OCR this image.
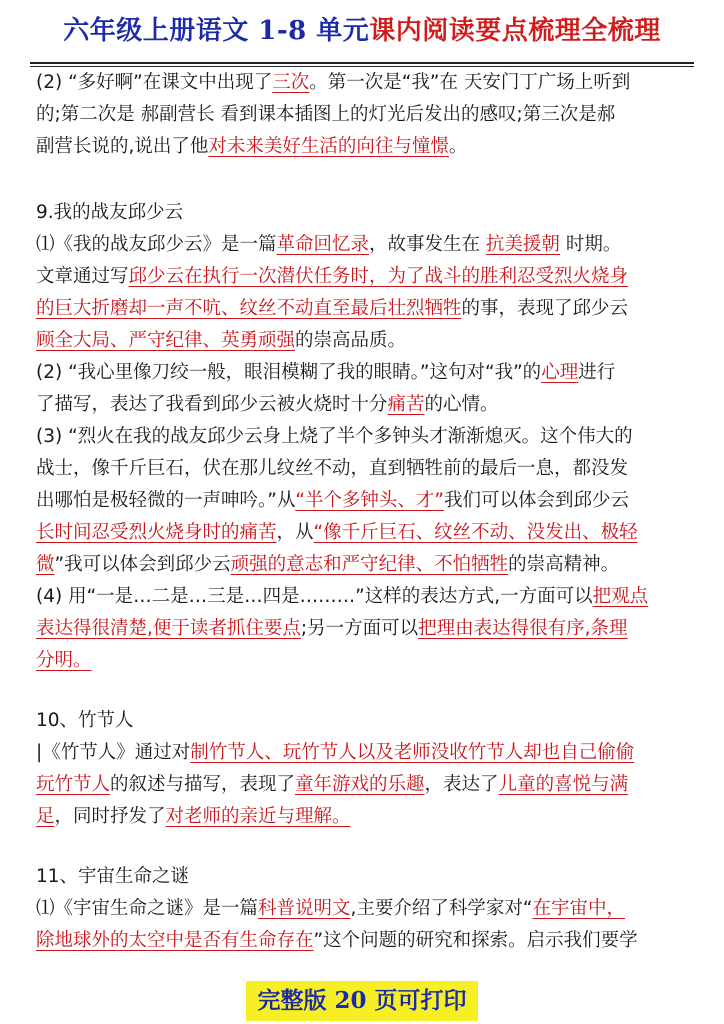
六年级上册语文 1-8 单元课内阅读要点梳理全梳理
(2) “多好啊”在课文中出现了三次。第一次是“我”在 天安门丁广场上听到
的;第二次是 郝副营长 看到课本插图上的灯光后发出的感叹;第三次是郝
副营长说的,说出了他对未来美好生活的向往与憧憬。
9.我的战友邱少云
⑴《我的战友邱少云》是一篇革命回忆录，故事发生在 抗美援朝 时期。
文章通过写邱少云在执行一次潜伏任务时，为了战斗的胜利忍受烈火烧身
的巨大折磨却一声不吭、纹丝不动直至最后壮烈牺牲的事，表现了邱少云
顾全大局、严守纪律、英勇顽强的崇高品质。
(2) “我心里像刀绞一般，眼泪模糊了我的眼睛。”这句对“我”的心理进行
了描写，表达了我看到邱少云被火烧时十分痛苦的心情。
(3) “烈火在我的战友邱少云身上烧了半个多钟头才渐渐熄灭。这个伟大的
战士，像千斤巨石，伏在那儿纹丝不动，直到牺牲前的最后一息，都没发
出哪怕是极轻微的一声呻吟。”从“半个多钟头、才”我们可以体会到邱少云
长时间忍受烈火烧身时的痛苦，从“像千斤巨石、纹丝不动、没发出、极轻
微”我可以体会到邱少云顽强的意志和严守纪律、不怕牺牲的崇高精神。
(4) 用“一是…二是…三是…四是………”这样的表达方式,一方面可以把观点
表达得很清楚,便于读者抓住要点;另一方面可以把理由表达得很有序,条理
分明。
10、竹节人
|《竹节人》通过对制竹节人、玩竹节人以及老师没收竹节人却也自己偷偷
玩竹节人的叙述与描写，表现了童年游戏的乐趣，表达了儿童的喜悦与满
足，同时抒发了对老师的亲近与理解。
11、宇宙生命之谜
⑴《宇宙生命之谜》是一篇科普说明文,主要介绍了科学家对“在宇宙中，
除地球外的太空中是否有生命存在”这个问题的研究和探索。启示我们要学
完整版 20 页可打印
